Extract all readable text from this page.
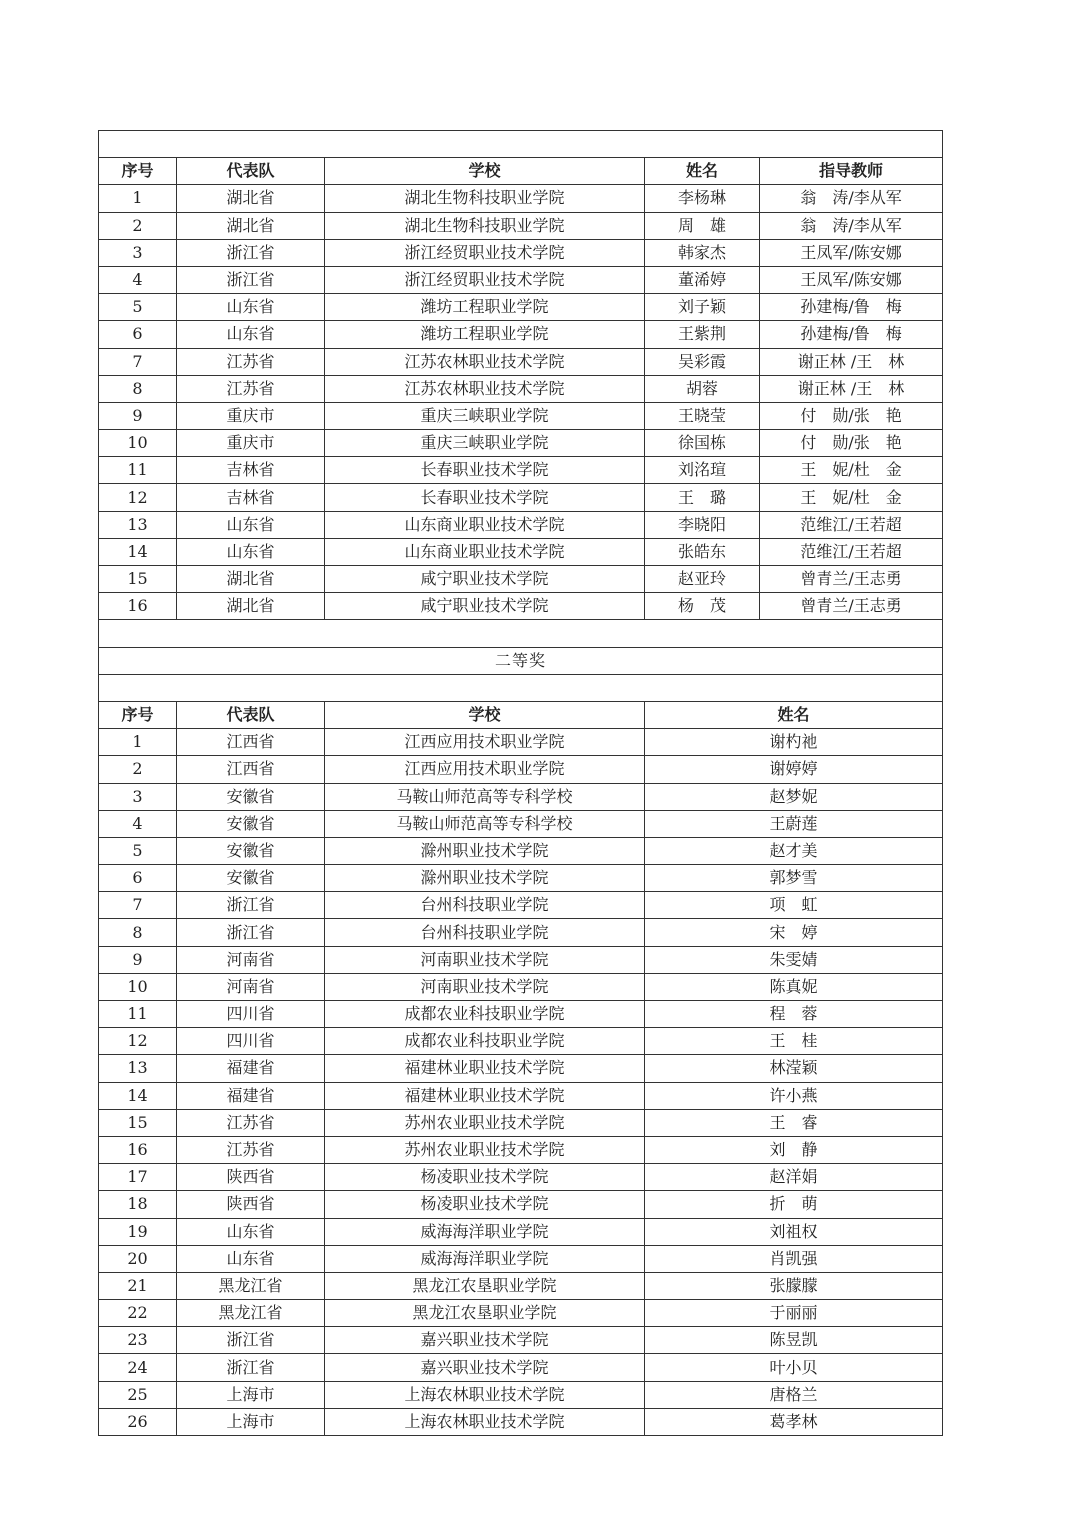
序号	代表队	学校	姓名	指导教师
1	湖北省	湖北生物科技职业学院	李杨琳	翁　涛/李从军
2	湖北省	湖北生物科技职业学院	周　雄	翁　涛/李从军
3	浙江省	浙江经贸职业技术学院	韩家杰	王凤军/陈安娜
4	浙江省	浙江经贸职业技术学院	董浠婷	王凤军/陈安娜
5	山东省	潍坊工程职业学院	刘子颖	孙建梅/鲁　梅
6	山东省	潍坊工程职业学院	王紫荆	孙建梅/鲁　梅
7	江苏省	江苏农林职业技术学院	吴彩霞	谢正林 /王　林
8	江苏省	江苏农林职业技术学院	胡蓉	谢正林 /王　林
9	重庆市	重庆三峡职业学院	王晓莹	付　勋/张　艳
10	重庆市	重庆三峡职业学院	徐国栋	付　勋/张　艳
11	吉林省	长春职业技术学院	刘洺瑄	王　妮/杜　金
12	吉林省	长春职业技术学院	王　璐	王　妮/杜　金
13	山东省	山东商业职业技术学院	李晓阳	范维江/王若超
14	山东省	山东商业职业技术学院	张皓东	范维江/王若超
15	湖北省	咸宁职业技术学院	赵亚玲	曾青兰/王志勇
16	湖北省	咸宁职业技术学院	杨　茂	曾青兰/王志勇

二等奖				

序号	代表队	学校	姓名	
1	江西省	江西应用技术职业学院	谢杓祂	
2	江西省	江西应用技术职业学院	谢婷婷	
3	安徽省	马鞍山师范高等专科学校	赵梦妮	
4	安徽省	马鞍山师范高等专科学校	王蔚莲	
5	安徽省	滁州职业技术学院	赵才美	
6	安徽省	滁州职业技术学院	郭梦雪	
7	浙江省	台州科技职业学院	项　虹	
8	浙江省	台州科技职业学院	宋　婷	
9	河南省	河南职业技术学院	朱雯婧	
10	河南省	河南职业技术学院	陈真妮	
11	四川省	成都农业科技职业学院	程　蓉	
12	四川省	成都农业科技职业学院	王　桂	
13	福建省	福建林业职业技术学院	林滢颖	
14	福建省	福建林业职业技术学院	许小燕	
15	江苏省	苏州农业职业技术学院	王　睿	
16	江苏省	苏州农业职业技术学院	刘　静	
17	陕西省	杨凌职业技术学院	赵洋娟	
18	陕西省	杨凌职业技术学院	折　萌	
19	山东省	威海海洋职业学院	刘祖权	
20	山东省	威海海洋职业学院	肖凯强	
21	黑龙江省	黑龙江农垦职业学院	张朦朦	
22	黑龙江省	黑龙江农垦职业学院	于丽丽	
23	浙江省	嘉兴职业技术学院	陈昱凯	
24	浙江省	嘉兴职业技术学院	叶小贝	
25	上海市	上海农林职业技术学院	唐格兰	
26	上海市	上海农林职业技术学院	葛孝林	
